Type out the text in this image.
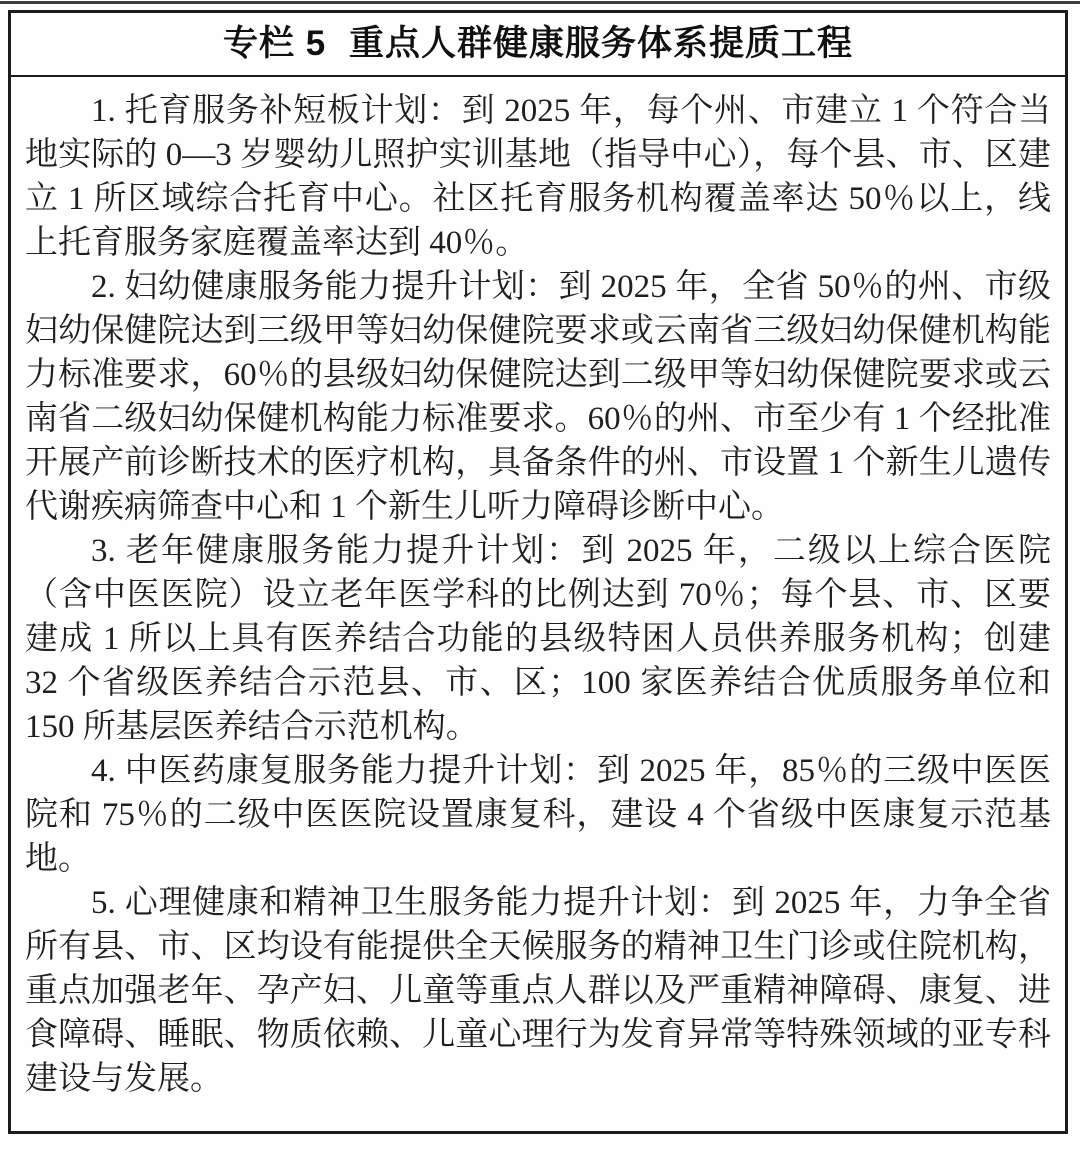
专栏 5 重点人群健康服务体系提质工程

1. 托育服务补短板计划：到 2025 年，每个州、市建立 1 个符合当地实际的 0—3 岁婴幼儿照护实训基地（指导中心），每个县、市、区建立 1 所区域综合托育中心。社区托育服务机构覆盖率达 50％以上，线上托育服务家庭覆盖率达到 40％。

2. 妇幼健康服务能力提升计划：到 2025 年，全省 50％的州、市级妇幼保健院达到三级甲等妇幼保健院要求或云南省三级妇幼保健机构能力标准要求，60％的县级妇幼保健院达到二级甲等妇幼保健院要求或云南省二级妇幼保健机构能力标准要求。60％的州、市至少有 1 个经批准开展产前诊断技术的医疗机构，具备条件的州、市设置 1 个新生儿遗传代谢疾病筛查中心和 1 个新生儿听力障碍诊断中心。

3. 老年健康服务能力提升计划：到 2025 年，二级以上综合医院（含中医医院）设立老年医学科的比例达到 70％；每个县、市、区要建成 1 所以上具有医养结合功能的县级特困人员供养服务机构；创建 32 个省级医养结合示范县、市、区；100 家医养结合优质服务单位和 150 所基层医养结合示范机构。

4. 中医药康复服务能力提升计划：到 2025 年，85％的三级中医医院和 75％的二级中医医院设置康复科，建设 4 个省级中医康复示范基地。

5. 心理健康和精神卫生服务能力提升计划：到 2025 年，力争全省所有县、市、区均设有能提供全天候服务的精神卫生门诊或住院机构，重点加强老年、孕产妇、儿童等重点人群以及严重精神障碍、康复、进食障碍、睡眠、物质依赖、儿童心理行为发育异常等特殊领域的亚专科建设与发展。
